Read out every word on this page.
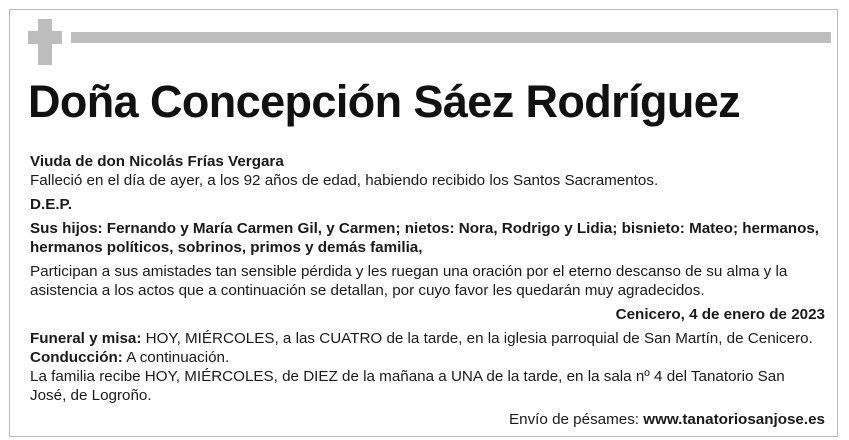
Doña Concepción Sáez Rodríguez

Viuda de don Nicolás Frías Vergara

Falleció en el día de ayer, a los 92 años de edad, habiendo recibido los Santos Sacramentos.

D.E.P.

Sus hijos: Fernando y María Carmen Gil, y Carmen; nietos: Nora, Rodrigo y Lidia; bisnieto: Mateo; hermanos, hermanos políticos, sobrinos, primos y demás familia,

Participan a sus amistades tan sensible pérdida y les ruegan una oración por el eterno descanso de su alma y la asistencia a los actos que a continuación se detallan, por cuyo favor les quedarán muy agradecidos.

Cenicero, 4 de enero de 2023

Funeral y misa: HOY, MIÉRCOLES, a las CUATRO de la tarde, en la iglesia parroquial de San Martín, de Cenicero.

Conducción: A continuación.

La familia recibe HOY, MIÉRCOLES, de DIEZ de la mañana a UNA de la tarde, en la sala nº 4 del Tanatorio San José, de Logroño.

Envío de pésames: www.tanatoriosanjose.es
